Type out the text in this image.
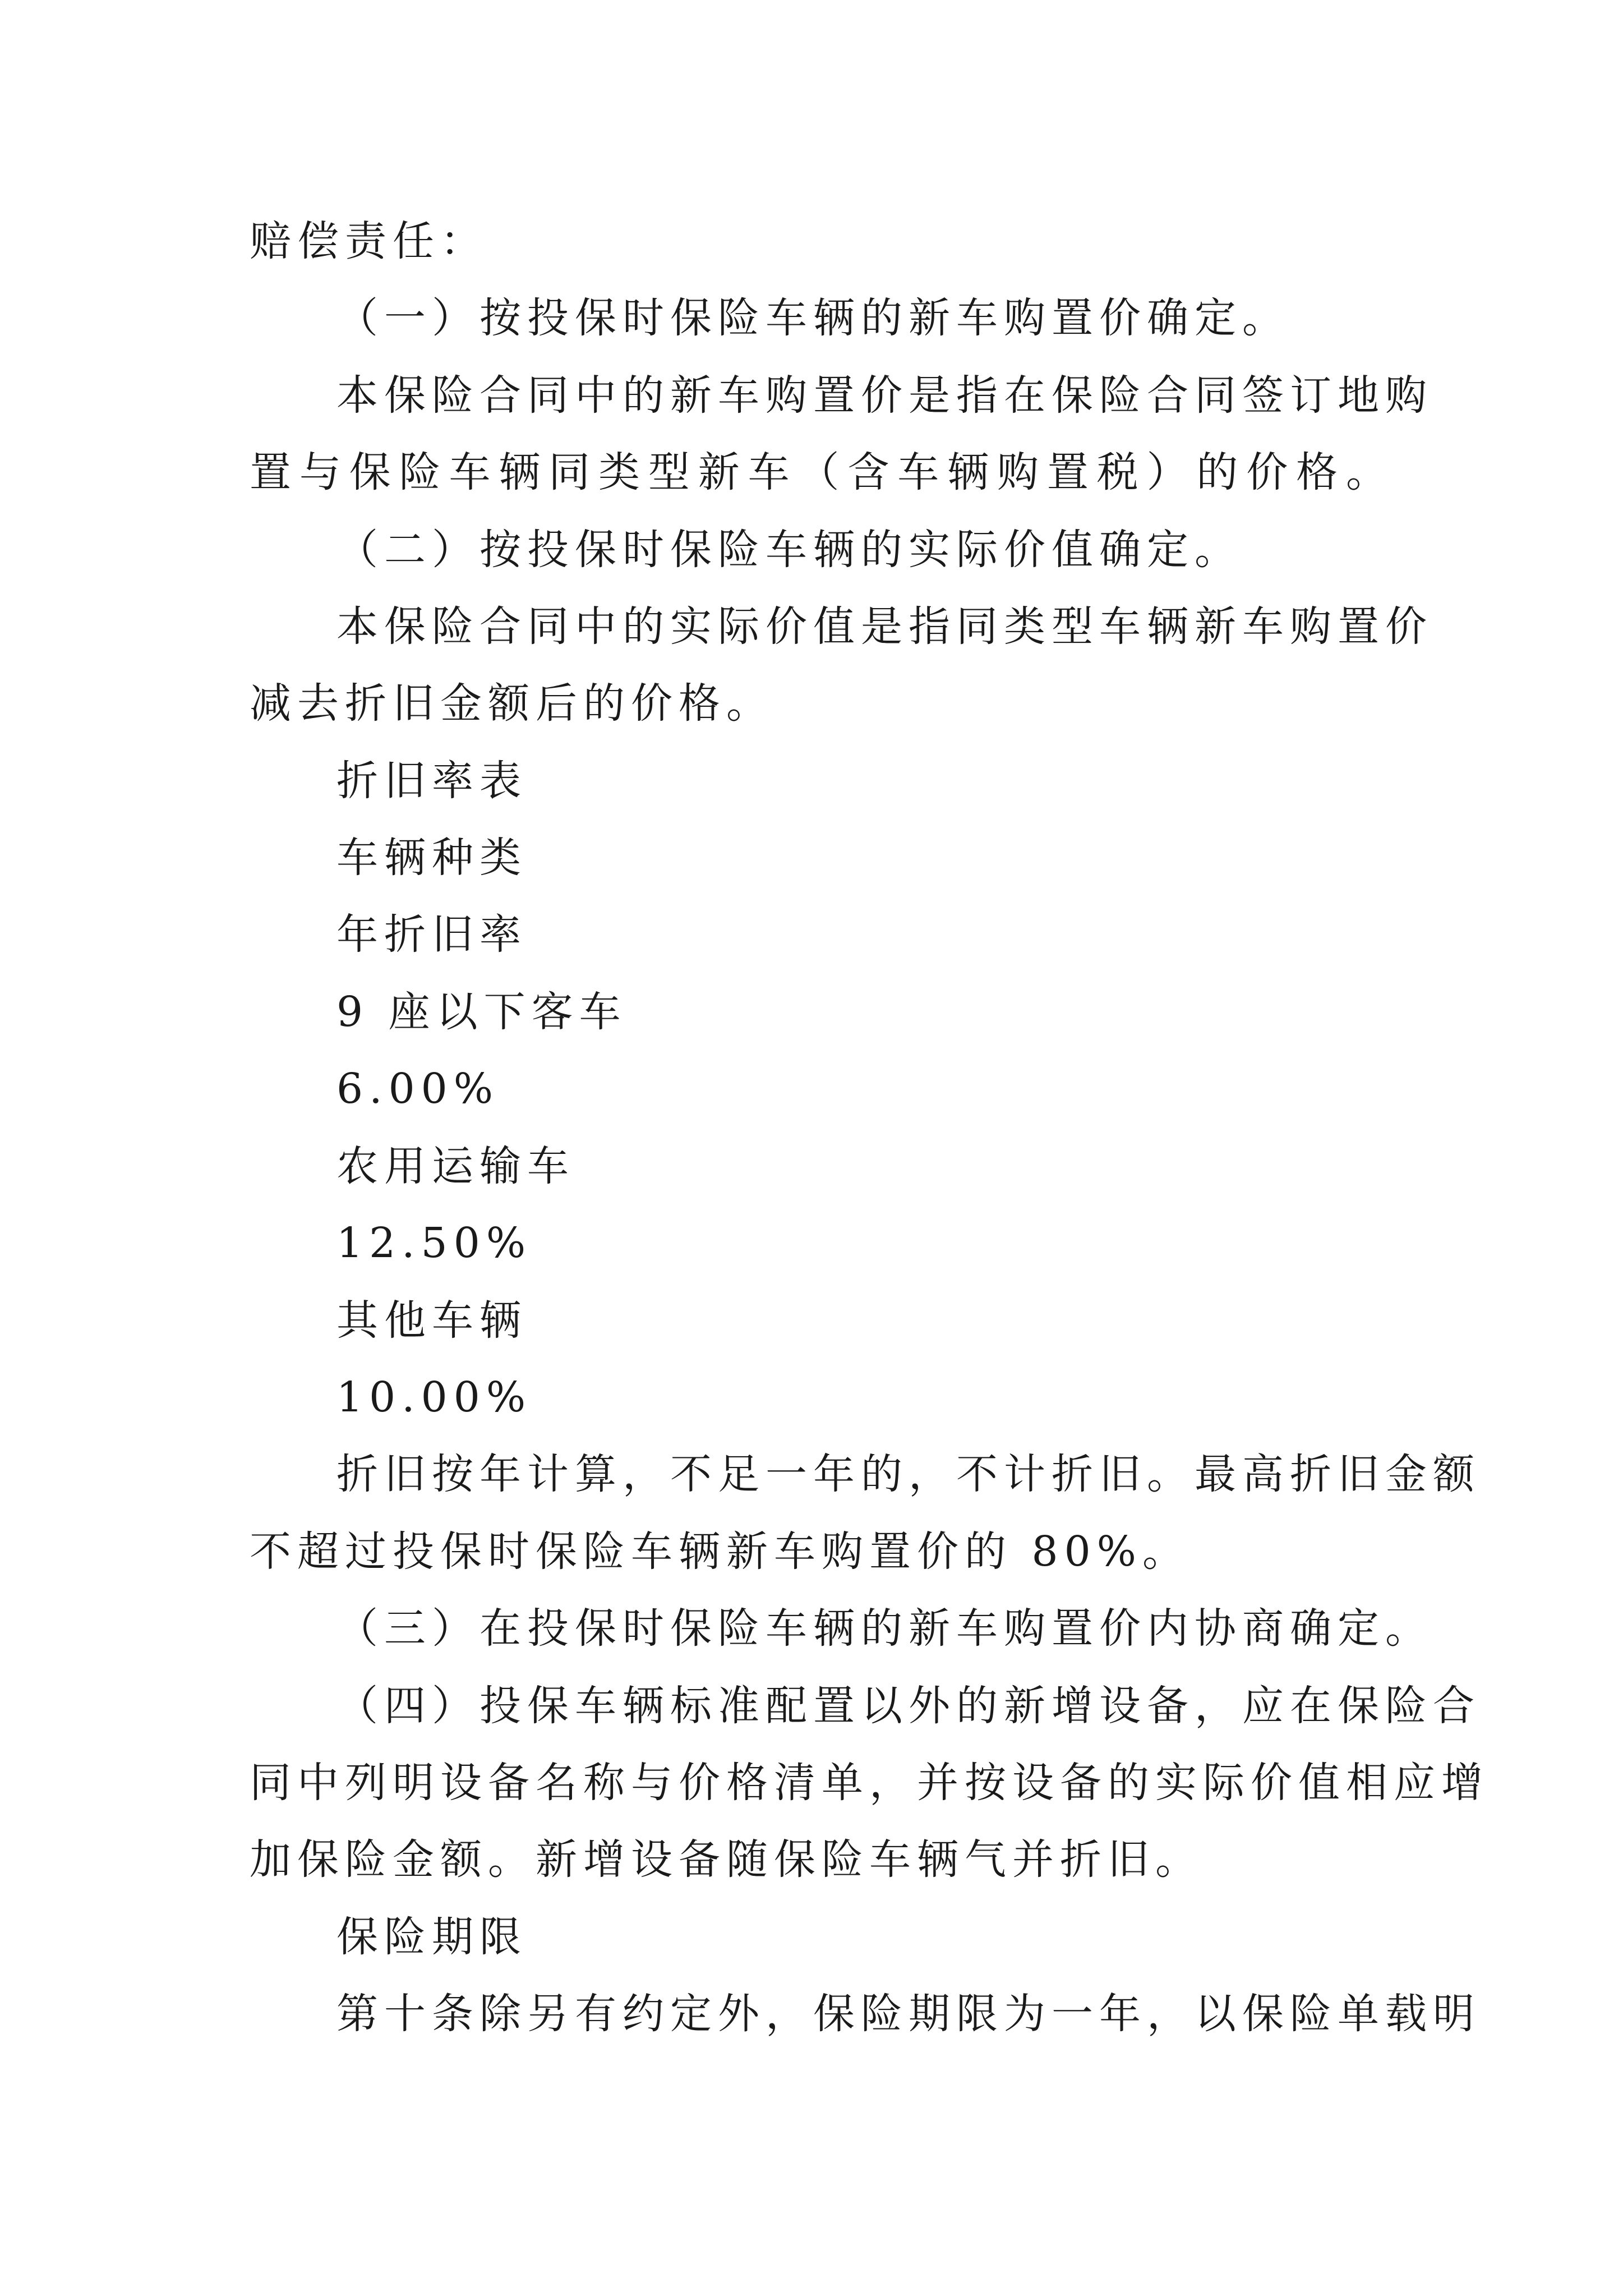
赔偿责任：
（一）按投保时保险车辆的新车购置价确定。
本保险合同中的新车购置价是指在保险合同签订地购
置与保险车辆同类型新车（含车辆购置税）的价格。
（二）按投保时保险车辆的实际价值确定。
本保险合同中的实际价值是指同类型车辆新车购置价
减去折旧金额后的价格。
折旧率表
车辆种类
年折旧率
9 座以下客车
6.00%
农用运输车
12.50%
其他车辆
10.00%
折旧按年计算，不足一年的，不计折旧。最高折旧金额
不超过投保时保险车辆新车购置价的 80%。
（三）在投保时保险车辆的新车购置价内协商确定。
（四）投保车辆标准配置以外的新增设备，应在保险合
同中列明设备名称与价格清单，并按设备的实际价值相应增
加保险金额。新增设备随保险车辆气并折旧。
保险期限
第十条除另有约定外，保险期限为一年，以保险单载明
